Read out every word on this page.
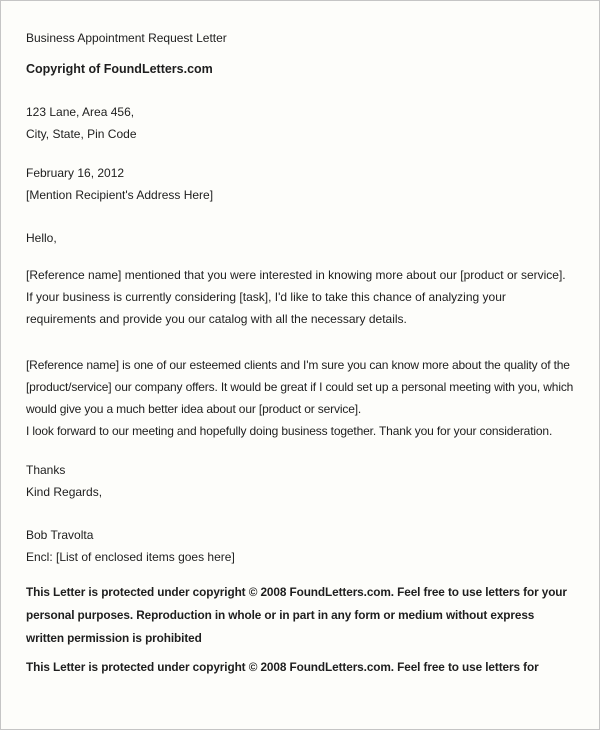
Business Appointment Request Letter
Copyright of FoundLetters.com
123 Lane, Area 456,
City, State, Pin Code
February 16, 2012
[Mention Recipient's Address Here]
Hello,

[Reference name] mentioned that you were interested in knowing more about our [product or service]. If your business is currently considering [task], I'd like to take this chance of analyzing your requirements and provide you our catalog with all the necessary details.

[Reference name] is one of our esteemed clients and I'm sure you can know more about the quality of the [product/service] our company offers. It would be great if I could set up a personal meeting with you, which would give you a much better idea about our [product or service].
I look forward to our meeting and hopefully doing business together. Thank you for your consideration.
Thanks
Kind Regards,
Bob Travolta
Encl: [List of enclosed items goes here]

This Letter is protected under copyright © 2008 FoundLetters.com. Feel free to use letters for your personal purposes. Reproduction in whole or in part in any form or medium without express written permission is prohibited

This Letter is protected under copyright © 2008 FoundLetters.com. Feel free to use letters for
